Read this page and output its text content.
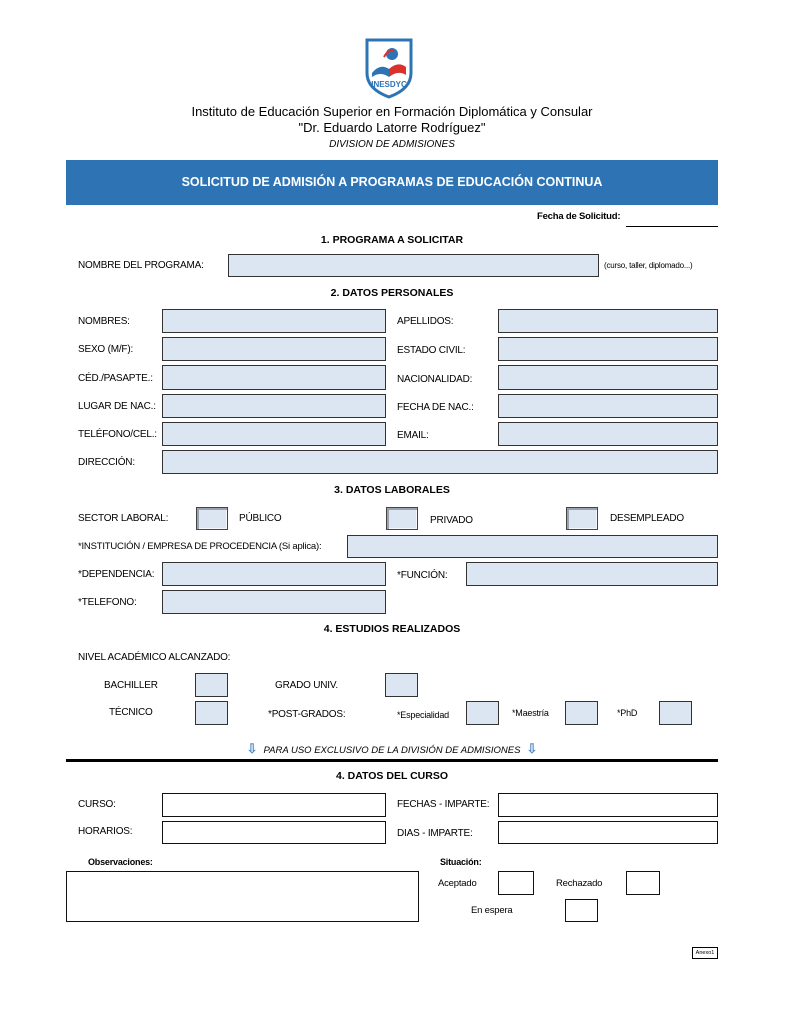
INESDYC
Instituto de Educación Superior en Formación Diplomática y Consular
"Dr. Eduardo Latorre Rodríguez"
DIVISION DE ADMISIONES
SOLICITUD DE ADMISIÓN A PROGRAMAS DE EDUCACIÓN CONTINUA
Fecha de Solicitud:
1. PROGRAMA A SOLICITAR
NOMBRE DEL PROGRAMA:	(curso, taller, diplomado...)
2. DATOS PERSONALES
NOMBRES:	APELLIDOS:
SEXO (M/F):	ESTADO CIVIL:
CÉD./PASAPTE.:	NACIONALIDAD:
LUGAR DE NAC.:	FECHA DE NAC.:
TELÉFONO/CEL.:	EMAIL:
DIRECCIÓN:
3. DATOS LABORALES
SECTOR LABORAL:	PÚBLICO	PRIVADO	DESEMPLEADO
*INSTITUCIÓN / EMPRESA DE PROCEDENCIA (Si aplica):
*DEPENDENCIA:	*FUNCIÓN:
*TELEFONO:
4. ESTUDIOS REALIZADOS
NIVEL ACADÉMICO ALCANZADO:
BACHILLER	GRADO UNIV.
TÉCNICO	*POST-GRADOS:	*Especialidad	*Maestría	*PhD
⇩ PARA USO EXCLUSIVO DE LA DIVISIÓN DE ADMISIONES ⇩
4. DATOS DEL CURSO
CURSO:	FECHAS - IMPARTE:
HORARIOS:	DIAS - IMPARTE:
Observaciones:	Situación:
Aceptado	Rechazado
En espera
Anexo1
